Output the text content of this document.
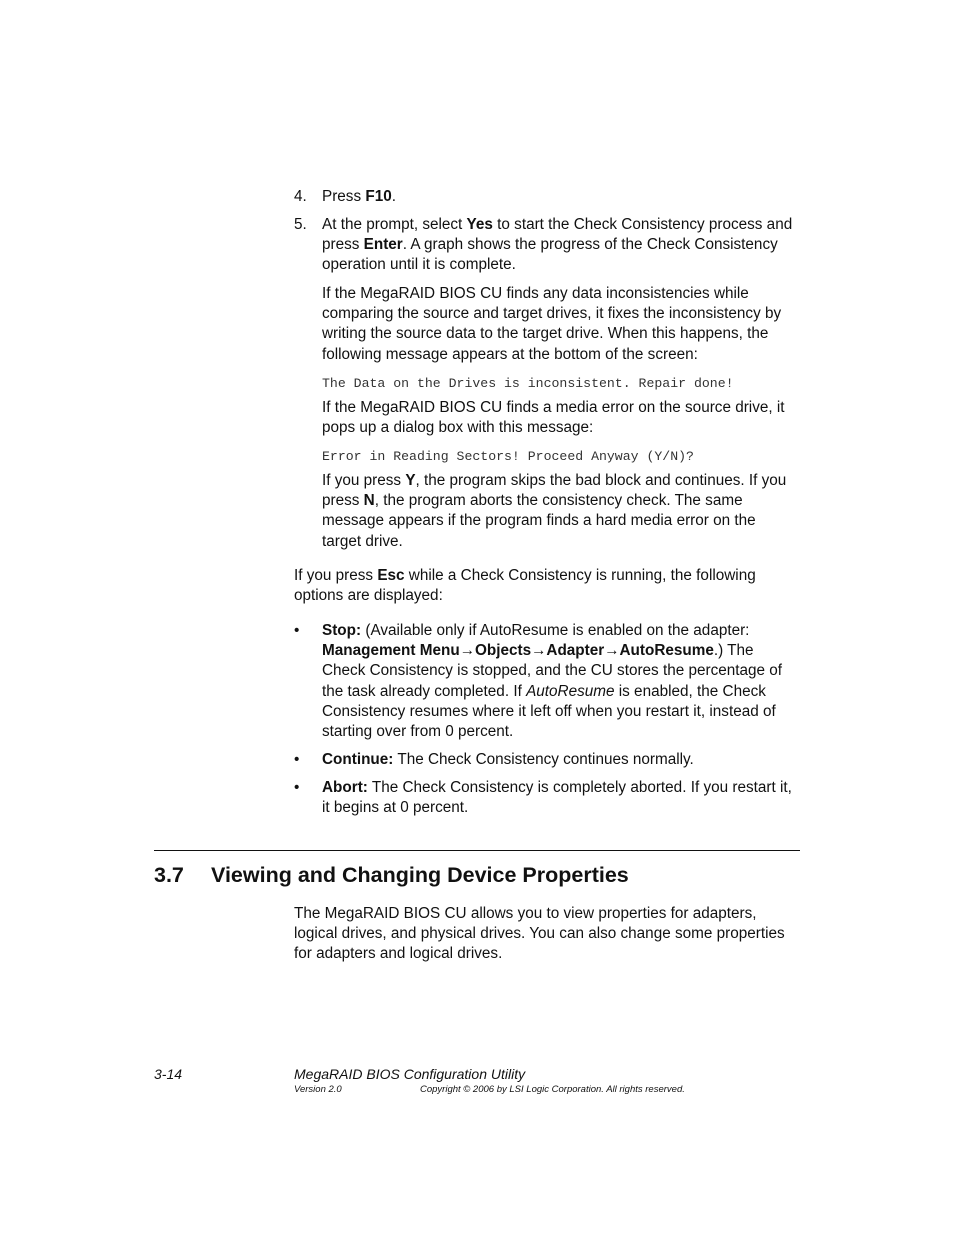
4. Press F10.
5. At the prompt, select Yes to start the Check Consistency process and press Enter. A graph shows the progress of the Check Consistency operation until it is complete.
If the MegaRAID BIOS CU finds any data inconsistencies while comparing the source and target drives, it fixes the inconsistency by writing the source data to the target drive. When this happens, the following message appears at the bottom of the screen:
The Data on the Drives is inconsistent. Repair done!
If the MegaRAID BIOS CU finds a media error on the source drive, it pops up a dialog box with this message:
Error in Reading Sectors! Proceed Anyway (Y/N)?
If you press Y, the program skips the bad block and continues. If you press N, the program aborts the consistency check. The same message appears if the program finds a hard media error on the target drive.
If you press Esc while a Check Consistency is running, the following options are displayed:
• Stop: (Available only if AutoResume is enabled on the adapter: Management Menu→Objects→Adapter→AutoResume.) The Check Consistency is stopped, and the CU stores the percentage of the task already completed. If AutoResume is enabled, the Check Consistency resumes where it left off when you restart it, instead of starting over from 0 percent.
• Continue: The Check Consistency continues normally.
• Abort: The Check Consistency is completely aborted. If you restart it, it begins at 0 percent.
3.7 Viewing and Changing Device Properties
The MegaRAID BIOS CU allows you to view properties for adapters, logical drives, and physical drives. You can also change some properties for adapters and logical drives.
3-14	MegaRAID BIOS Configuration Utility
Version 2.0	Copyright © 2006 by LSI Logic Corporation. All rights reserved.
